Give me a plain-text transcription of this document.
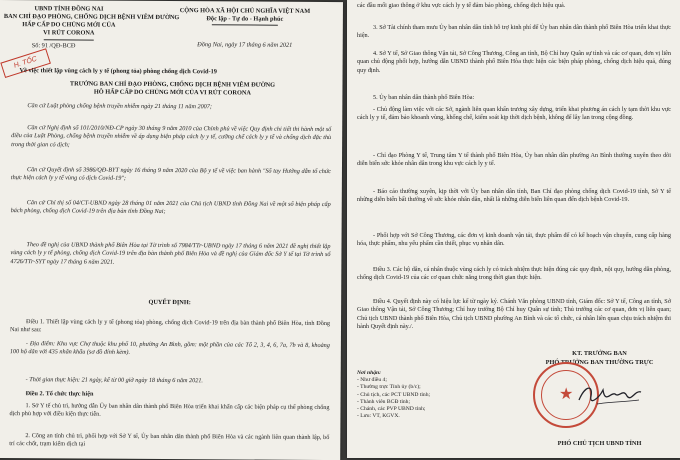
UBND TỈNH ĐỒNG NAI
BAN CHỈ ĐẠO PHÒNG, CHỐNG DỊCH BỆNH VIÊM ĐƯỜNG
HẤP CẤP DO CHỦNG MỚI CỦA
VI RÚT CORONA
Số: 91 /QĐ-BCĐ
H. TỐC
CỘNG HÒA XÃ HỘI CHỦ NGHĨA VIỆT NAM
Độc lập - Tự do - Hạnh phúc
Đồng Nai, ngày 17 tháng 6 năm 2021
Về việc thiết lập vùng cách ly y tế (phong tỏa) phòng chống dịch Covid-19
TRƯỞNG BAN CHỈ ĐẠO PHÒNG, CHỐNG DỊCH BỆNH VIÊM ĐƯỜNG
HÔ HẤP CẤP DO CHỦNG MỚI CỦA VI RÚT CORONA
Căn cứ Luật phòng chống bệnh truyền nhiễm ngày 21 tháng 11 năm 2007;
Căn cứ Nghị định số 101/2010/NĐ-CP ngày 30 tháng 9 năm 2010 của Chính phủ về việc Quy định chi tiết thi hành một số điều của Luật Phòng, chống bệnh truyền nhiễm về áp dụng biện pháp cách ly y tế, cưỡng chế cách ly y tế và chống dịch đặc thù trong thời gian có dịch;
Căn cứ Quyết định số 3986/QĐ-BYT ngày 16 tháng 9 năm 2020 của Bộ y tế về việc ban hành "Sổ tay Hướng dẫn tổ chức thực hiện cách ly y tế vùng có dịch Covid-19";
Căn cứ Chỉ thị số 04/CT-UBND ngày 28 tháng 01 năm 2021 của Chủ tịch UBND tỉnh Đồng Nai về một số biện pháp cấp bách phòng, chống dịch Covid-19 trên địa bàn tỉnh Đồng Nai;
Theo đề nghị của UBND thành phố Biên Hòa tại Tờ trình số 7984/TTr-UBND ngày 17 tháng 6 năm 2021 đề nghị thiết lập vùng cách ly y tế phòng, chống dịch Covid-19 trên địa bàn thành phố Biên Hòa và đề nghị của Giám đốc Sở Y tế tại Tờ trình số 4726/TTr-SYT ngày 17 tháng 6 năm 2021.
QUYẾT ĐỊNH:
Điều 1. Thiết lập vùng cách ly y tế (phong tỏa) phòng, chống dịch Covid-19 trên địa bàn thành phố Biên Hòa, tỉnh Đồng Nai như sau:
- Địa điểm: Khu vực Chợ thuộc khu phố 10, phường An Bình, gồm: một phần của các Tổ 2, 3, 4, 6, 7a, 7b và 8, khoảng 100 hộ dân với 435 nhân khẩu (sơ đồ đính kèm).
- Thời gian thực hiện: 21 ngày, kể từ 00 giờ ngày 18 tháng 6 năm 2021.
Điều 2. Tổ chức thực hiện
1. Sở Y tế chủ trì, hướng dẫn Ủy ban nhân dân thành phố Biên Hòa triển khai khẩn cấp các biện pháp cụ thể phòng chống dịch phù hợp với điều kiện thực tiễn.
2. Công an tỉnh chủ trì, phối hợp với Sở Y tế, Ủy ban nhân dân thành phố Biên Hòa và các ngành liên quan thành lập, bố trí các chốt, trạm kiểm dịch tại
các đầu mối giao thông ở khu vực cách ly y tế đảm bảo phòng, chống dịch hiệu quả.
3. Sở Tài chính tham mưu Ủy ban nhân dân tỉnh hỗ trợ kinh phí để Ủy ban nhân dân thành phố Biên Hòa triển khai thực hiện.
4. Sở Y tế, Sở Giao thông Vận tải, Sở Công Thương, Công an tỉnh, Bộ Chỉ huy Quân sự tỉnh và các cơ quan, đơn vị liên quan chủ động phối hợp, hướng dẫn UBND thành phố Biên Hòa thực hiện các biện pháp phòng, chống dịch hiệu quả, đúng quy định.
5. Ủy ban nhân dân thành phố Biên Hòa:
- Chủ động làm việc với các Sở, ngành liên quan khẩn trương xây dựng, triển khai phương án cách ly tạm thời khu vực cách ly y tế, đảm bảo khoanh vùng, khống chế, kiểm soát kịp thời dịch bệnh, không để lây lan trong cộng đồng.
- Chỉ đạo Phòng Y tế, Trung tâm Y tế thành phố Biên Hòa, Ủy ban nhân dân phường An Bình thường xuyên theo dõi diễn biến sức khỏe nhân dân trong khu vực cách ly y tế.
- Báo cáo thường xuyên, kịp thời với Ủy ban nhân dân tỉnh, Ban Chỉ đạo phòng chống dịch Covid-19 tỉnh, Sở Y tế những diễn biến bất thường về sức khỏe nhân dân, nhất là những diễn biến liên quan đến dịch bệnh Covid-19.
- Phối hợp với Sở Công Thương, các đơn vị kinh doanh vận tải, thực phẩm để có kế hoạch vận chuyển, cung cấp hàng hóa, thực phẩm, nhu yếu phẩm cần thiết, phục vụ nhân dân.
Điều 3. Các hộ dân, cá nhân thuộc vùng cách ly có trách nhiệm thực hiện đúng các quy định, nội quy, hướng dẫn phòng, chống dịch Covid-19 của các cơ quan chức năng trong thời gian thực hiện.
Điều 4. Quyết định này có hiệu lực kể từ ngày ký. Chánh Văn phòng UBND tỉnh, Giám đốc: Sở Y tế, Công an tỉnh, Sở Giao thông Vận tải, Sở Công Thương; Chỉ huy trưởng Bộ Chỉ huy Quân sự tỉnh; Thủ trưởng các cơ quan, đơn vị liên quan; Chủ tịch UBND thành phố Biên Hòa, Chủ tịch UBND phường An Bình và các tổ chức, cá nhân liên quan chịu trách nhiệm thi hành Quyết định này./.
Nơi nhận:
- Như điều 4;
- Thường trực Tỉnh ủy (b/c);
- Chủ tịch, các PCT UBND tỉnh;
- Thành viên BCĐ tỉnh;
- Chánh, các PVP UBND tỉnh;
- Lưu: VT, KGVX.
KT. TRƯỞNG BAN
PHÓ TRƯỞNG BAN THƯỜNG TRỰC
★
PHÓ CHỦ TỊCH UBND TỈNH
